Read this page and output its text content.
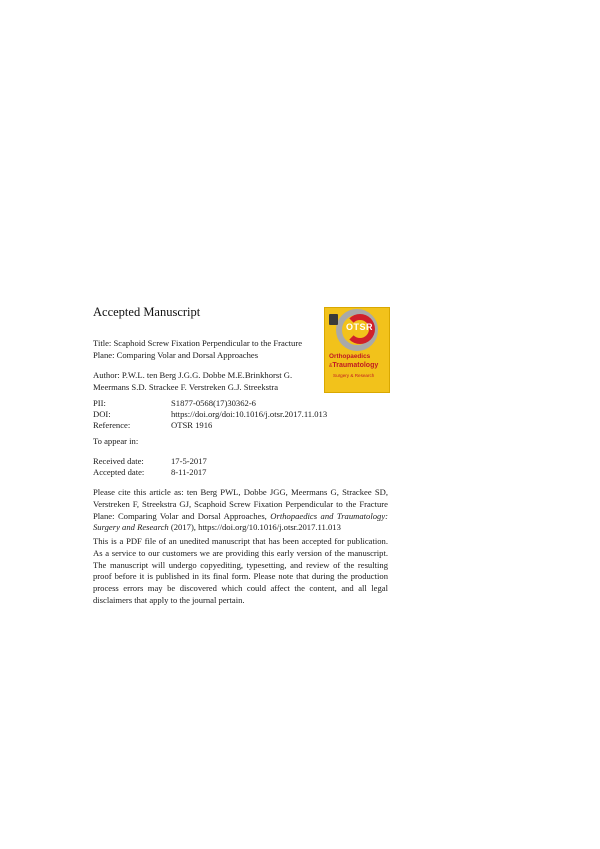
Accepted Manuscript
Title: Scaphoid Screw Fixation Perpendicular to the Fracture Plane: Comparing Volar and Dorsal Approaches
Author: P.W.L. ten Berg J.G.G. Dobbe M.E.Brinkhorst G. Meermans S.D. Strackee F. Verstreken G.J. Streekstra
OTSR
Orthopaedics
&Traumatology
Surgery & Research
PII:	S1877-0568(17)30362-6
DOI:	https://doi.org/doi:10.1016/j.otsr.2017.11.013
Reference:	OTSR 1916
To appear in:
Received date:	17-5-2017
Accepted date:	8-11-2017
Please cite this article as: ten Berg PWL, Dobbe JGG, Meermans G, Strackee SD, Verstreken F, Streekstra GJ, Scaphoid Screw Fixation Perpendicular to the Fracture Plane: Comparing Volar and Dorsal Approaches, Orthopaedics and Traumatology: Surgery and Research (2017), https://doi.org/10.1016/j.otsr.2017.11.013
This is a PDF file of an unedited manuscript that has been accepted for publication. As a service to our customers we are providing this early version of the manuscript. The manuscript will undergo copyediting, typesetting, and review of the resulting proof before it is published in its final form. Please note that during the production process errors may be discovered which could affect the content, and all legal disclaimers that apply to the journal pertain.
